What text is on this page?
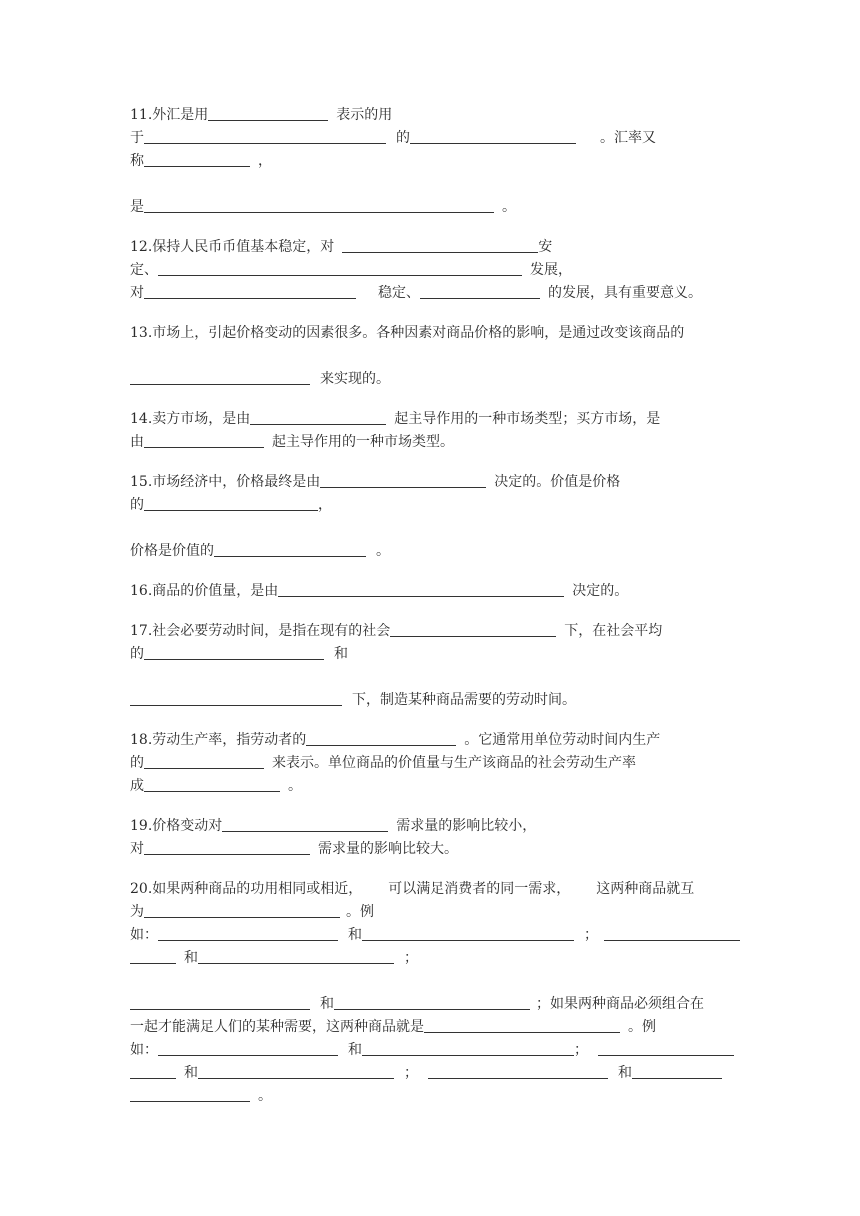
11.外汇是用	表示的用
于	的	。汇率又
称	，
是	。
12.保持人民币币值基本稳定，对	安
定、	发展，
对	稳定、	的发展，具有重要意义。
13.市场上，引起价格变动的因素很多。各种因素对商品价格的影响，是通过改变该商品的
来实现的。
14.卖方市场，是由	起主导作用的一种市场类型；买方市场，是
由	起主导作用的一种市场类型。
15.市场经济中，价格最终是由	决定的。价值是价格
的	，
价格是价值的	。
16.商品的价值量，是由	决定的。
17.社会必要劳动时间，是指在现有的社会	下，在社会平均
的	和
下，制造某种商品需要的劳动时间。
18.劳动生产率，指劳动者的	。它通常用单位劳动时间内生产
的	来表示。单位商品的价值量与生产该商品的社会劳动生产率
成	。
19.价格变动对	需求量的影响比较小，
对	需求量的影响比较大。
20.如果两种商品的功用相同或相近， 可以满足消费者的同一需求， 这两种商品就互
为	。例
如：	和	；
和	；
和	；如果两种商品必须组合在
一起才能满足人们的某种需要，这两种商品就是	。例
如：	和	；
和	；	和
。
